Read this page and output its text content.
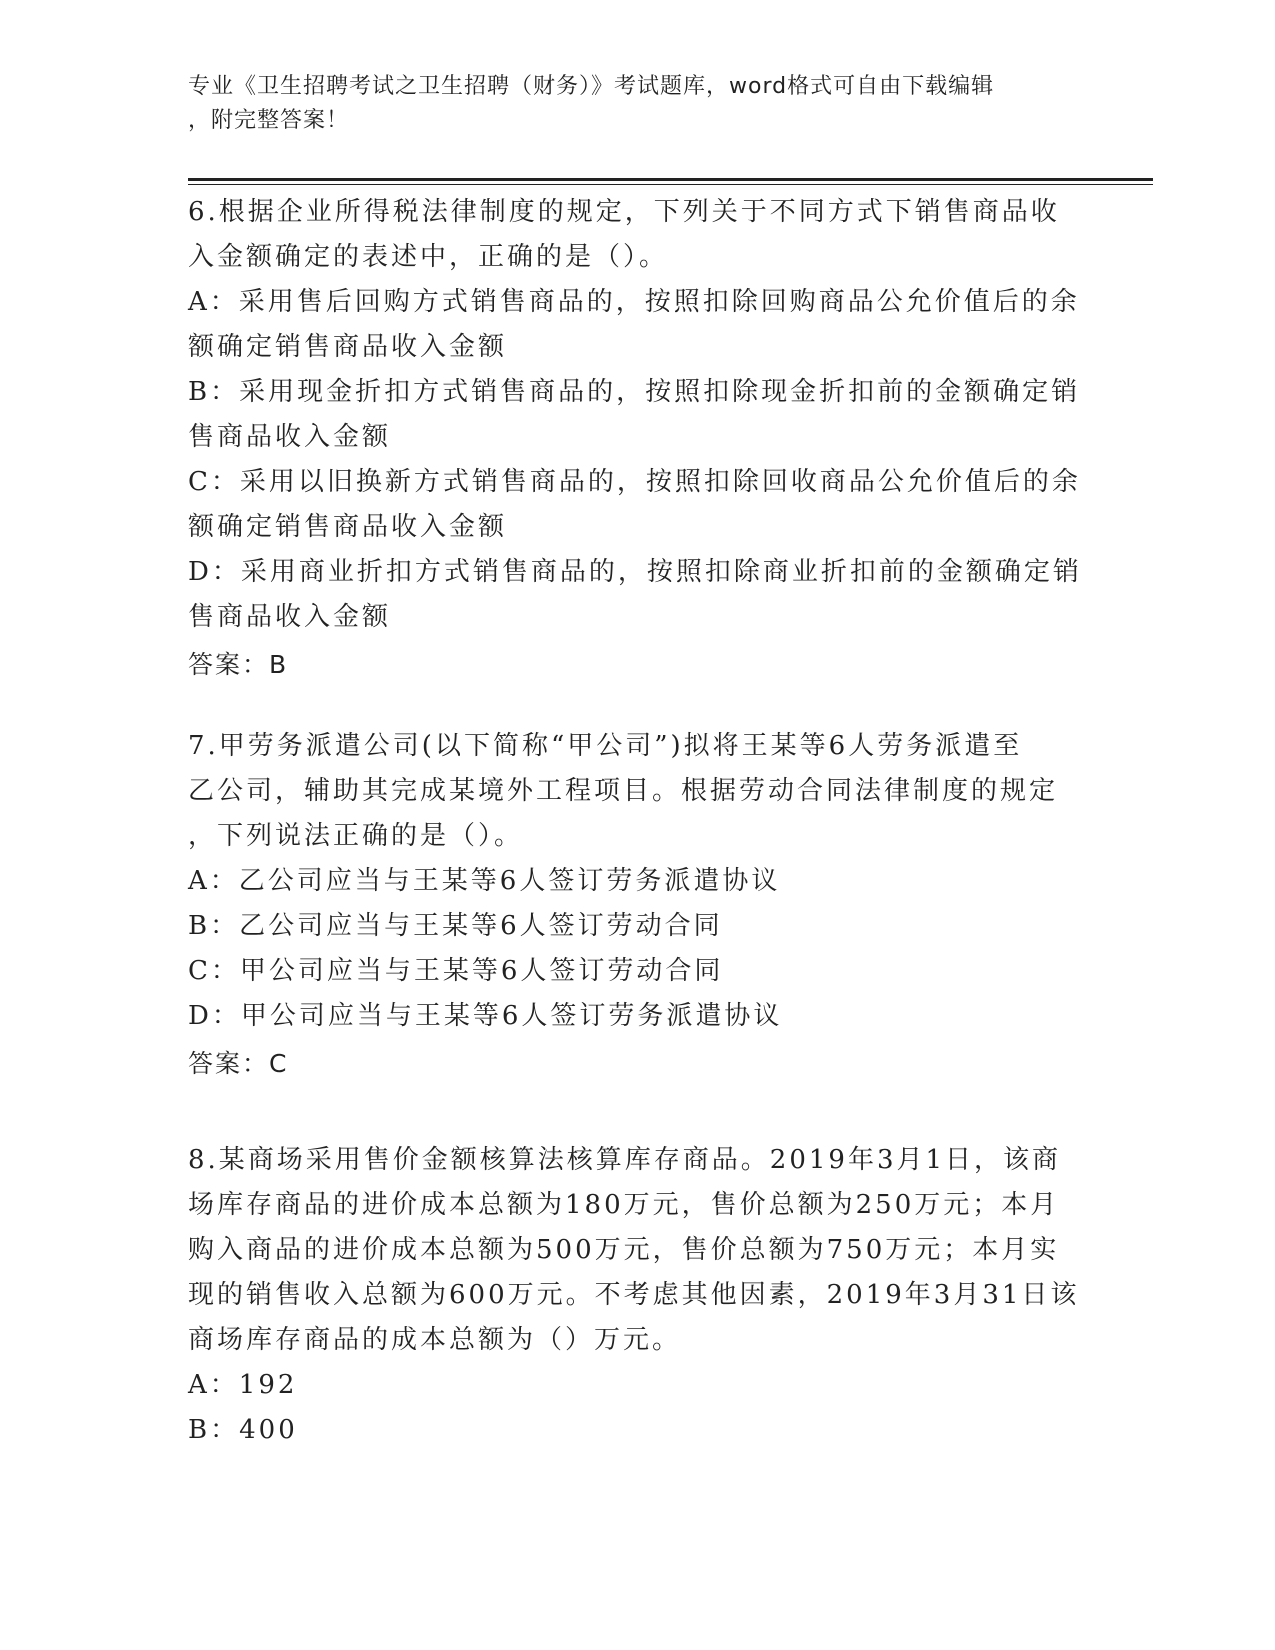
专业《卫生招聘考试之卫生招聘（财务）》考试题库，word格式可自由下载编辑
，附完整答案！
6.根据企业所得税法律制度的规定，下列关于不同方式下销售商品收
入金额确定的表述中，正确的是（）。
A：采用售后回购方式销售商品的，按照扣除回购商品公允价值后的余
额确定销售商品收入金额
B：采用现金折扣方式销售商品的，按照扣除现金折扣前的金额确定销
售商品收入金额
C：采用以旧换新方式销售商品的，按照扣除回收商品公允价值后的余
额确定销售商品收入金额
D：采用商业折扣方式销售商品的，按照扣除商业折扣前的金额确定销
售商品收入金额
答案：B
7.甲劳务派遣公司(以下简称“甲公司”)拟将王某等6人劳务派遣至
乙公司，辅助其完成某境外工程项目。根据劳动合同法律制度的规定
，下列说法正确的是（）。
A：乙公司应当与王某等6人签订劳务派遣协议
B：乙公司应当与王某等6人签订劳动合同
C：甲公司应当与王某等6人签订劳动合同
D：甲公司应当与王某等6人签订劳务派遣协议
答案：C
8.某商场采用售价金额核算法核算库存商品。2019年3月1日，该商
场库存商品的进价成本总额为180万元，售价总额为250万元；本月
购入商品的进价成本总额为500万元，售价总额为750万元；本月实
现的销售收入总额为600万元。不考虑其他因素，2019年3月31日该
商场库存商品的成本总额为（）万元。
A：192
B：400
